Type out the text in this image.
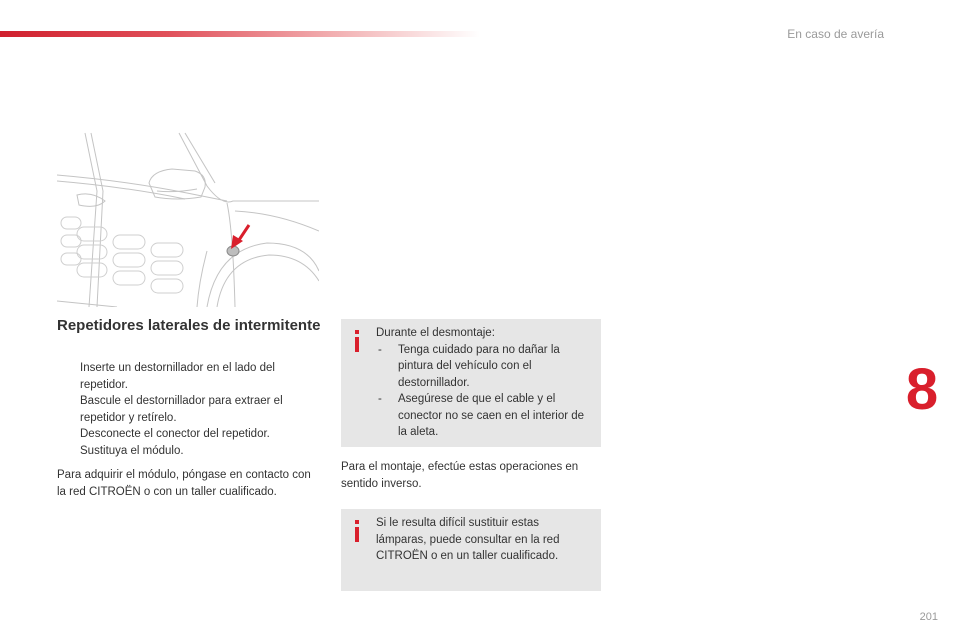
En caso de avería
Repetidores laterales de intermitente
Inserte un destornillador en el lado del repetidor.
Bascule el destornillador para extraer el repetidor y retírelo.
Desconecte el conector del repetidor.
Sustituya el módulo.
Para adquirir el módulo, póngase en contacto con la red CITROËN o con un taller cualificado.
Durante el desmontaje:
- Tenga cuidado para no dañar la pintura del vehículo con el destornillador.
- Asegúrese de que el cable y el conector no se caen en el interior de la aleta.
Para el montaje, efectúe estas operaciones en sentido inverso.
Si le resulta difícil sustituir estas lámparas, puede consultar en la red CITROËN o en un taller cualificado.
8
201
